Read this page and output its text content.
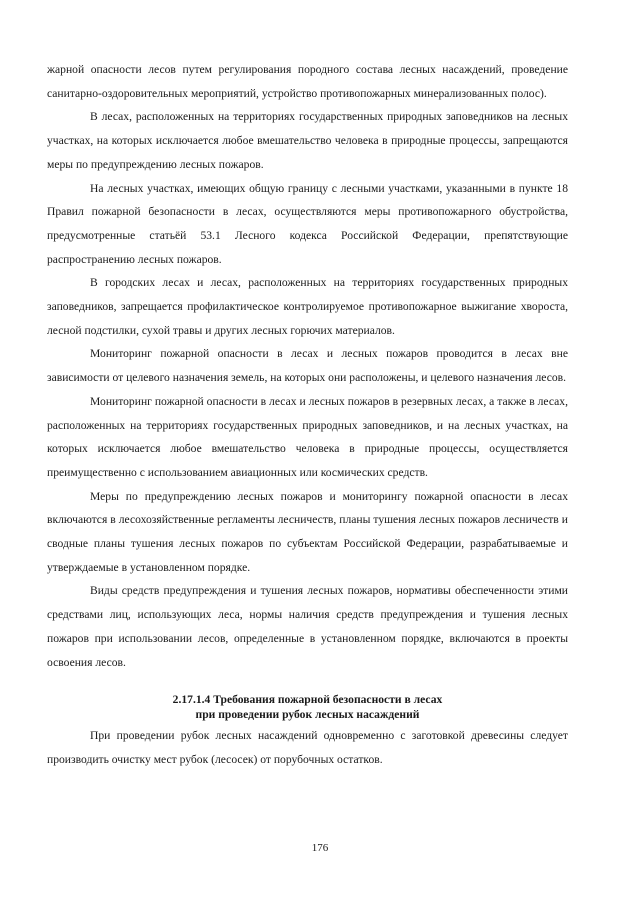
жарной опасности лесов путем регулирования породного состава лесных насаждений, проведение санитарно-оздоровительных мероприятий, устройство противопожарных минерализованных полос).

В лесах, расположенных на территориях государственных природных заповедников на лесных участках, на которых исключается любое вмешательство человека в природные процессы, запрещаются меры по предупреждению лесных пожаров.

На лесных участках, имеющих общую границу с лесными участками, указанными в пункте 18 Правил пожарной безопасности в лесах, осуществляются меры противопожарного обустройства, предусмотренные статьёй 53.1 Лесного кодекса Российской Федерации, препятствующие распространению лесных пожаров.

В городских лесах и лесах, расположенных на территориях государственных природных заповедников, запрещается профилактическое контролируемое противопожарное выжигание хвороста, лесной подстилки, сухой травы и других лесных горючих материалов.

Мониторинг пожарной опасности в лесах и лесных пожаров проводится в лесах вне зависимости от целевого назначения земель, на которых они расположены, и целевого назначения лесов.

Мониторинг пожарной опасности в лесах и лесных пожаров в резервных лесах, а также в лесах, расположенных на территориях государственных природных заповедников, и на лесных участках, на которых исключается любое вмешательство человека в природные процессы, осуществляется преимущественно с использованием авиационных или космических средств.

Меры по предупреждению лесных пожаров и мониторингу пожарной опасности в лесах включаются в лесохозяйственные регламенты лесничеств, планы тушения лесных пожаров лесничеств и сводные планы тушения лесных пожаров по субъектам Российской Федерации, разрабатываемые и утверждаемые в установленном порядке.

Виды средств предупреждения и тушения лесных пожаров, нормативы обеспеченности этими средствами лиц, использующих леса, нормы наличия средств предупреждения и тушения лесных пожаров при использовании лесов, определенные в установленном порядке, включаются в проекты освоения лесов.

2.17.1.4 Требования пожарной безопасности в лесах
при проведении рубок лесных насаждений

При проведении рубок лесных насаждений одновременно с заготовкой древесины следует производить очистку мест рубок (лесосек) от порубочных остатков.

176
